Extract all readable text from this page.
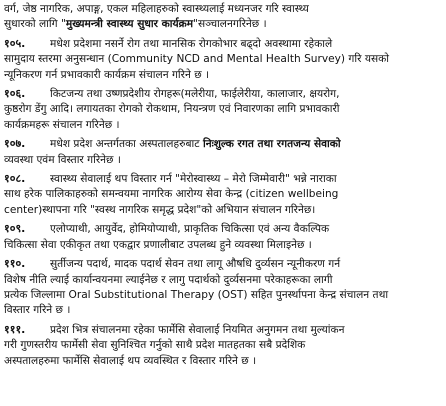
वर्ग, जेष्ठ नागरिक, अपाङ्ग, एकल महिलाहरुको स्वास्थ्यलाई मध्यनजर गरि स्वास्थ्य
सुधारको लागि "मुख्यमन्त्री स्वास्थ्य सुधार कार्यक्रम"सञ्चालनगरिनेछ ।
१०५. मधेश प्रदेशमा नसर्ने रोग तथा मानसिक रोगकोभार बढ्दो अवस्थामा रहेकाले
सामुदाय स्तरमा अनुसन्धान (Community NCD and Mental Health Survey) गरि यसको
न्यूनिकरण गर्न प्रभावकारी कार्यक्रम संचालन गरिने छ ।
१०६. किटजन्य तथा उष्णप्रदेशीय रोगहरू(मलेरीया, फाईलेरीया, कालाजार, क्षयरोग,
कुष्ठरोग डेंगु आदि। लगायतका रोगको रोकथाम, नियन्त्रण एवं निवारणका लागि प्रभावकारी
कार्यक्रमहरू संचालन गरिनेछ ।
१०७. मधेश प्रदेश अन्तर्गतका अस्पतालहरुबाट निःशुल्क रगत तथा रगतजन्य सेवाको
व्यवस्था एवंम विस्तार गरिनेछ ।
१०८. स्वास्थ्य सेवालाई थप विस्तार गर्न "मेरोस्वास्थ्य – मेरो जिम्मेवारी" भन्ने नाराका
साथ हरेक पालिकाहरुको समन्वयमा नागरिक आरोग्य सेवा केन्द्र (citizen wellbeing
center)स्थापना गरि "स्वस्थ नागरिक समृद्ध प्रदेश"को अभियान संचालन गरिनेछ।
१०९. एलोप्याथी, आयुर्वेद, होमियोप्याथी, प्राकृतिक चिकित्सा एवं अन्य वैकल्पिक
चिकित्सा सेवा एकीकृत तथा एकद्वार प्रणालीबाट उपलब्ध हुने व्यवस्था मिलाइनेछ ।
११०. सुर्तीजन्य पदार्थ, मादक पदार्थ सेवन तथा लागू औषधि दुर्व्यसन न्यूनीकरण गर्न
विशेष नीति ल्याई कार्यान्वयनमा ल्याईनेछ र लागु पदार्थको दुर्व्यसनमा परेकाहरूका लागी
प्रत्येक जिल्लामा Oral Substitutional Therapy (OST) सहित पुनर्स्थापना केन्द्र संचालन तथा
विस्तार गरिने छ ।
१११. प्रदेश भित्र संचालनमा रहेका फार्मेसि सेवालाई नियमित अनुगमन तथा मुल्यांकन
गरी गुणस्तरीय फार्मेसी सेवा सुनिश्चित गर्नुको साथै प्रदेश मातहतका सबै प्रदेशिक
अस्पतालहरुमा फार्मेसि सेवालाई थप व्यवस्थित र विस्तार गरिने छ ।
